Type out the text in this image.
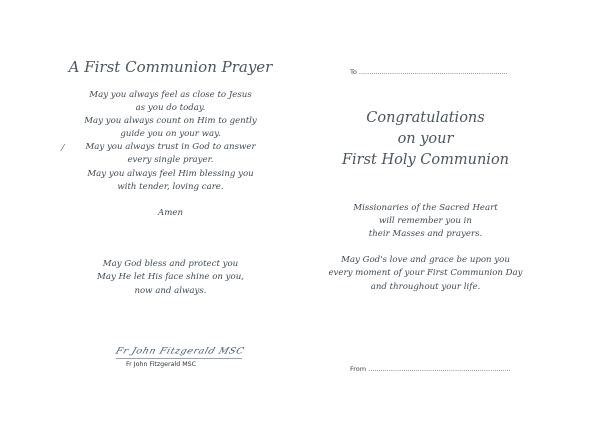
A First Communion Prayer
May you always feel as close to Jesus
as you do today.
May you always count on Him to gently
guide you on your way.
May you always trust in God to answer
every single prayer.
May you always feel Him blessing you
with tender, loving care.
⁄
Amen
May God bless and protect you
May He let His face shine on you,
now and always.
Fr John Fitzgerald MSC
Fr John Fitzgerald MSC
To ........................................................................
Congratulations
on your
First Holy Communion
Missionaries of the Sacred Heart
will remember you in
their Masses and prayers.
May God's love and grace be upon you
every moment of your First Communion Day
and throughout your life.
From .....................................................................
